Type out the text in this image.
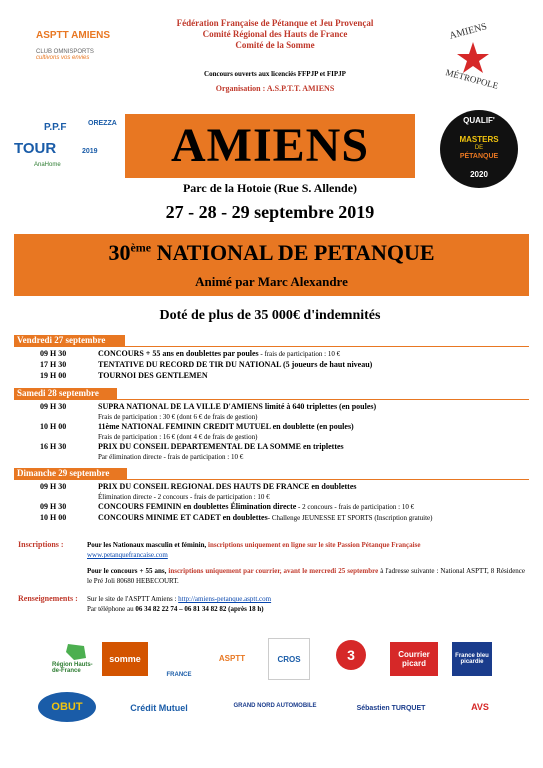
Fédération Française de Pétanque et Jeu Provençal
Comité Régional des Hauts de France
Comité de la Somme
Concours ouverts aux licenciés FFPJP et FIPJP
Organisation : A.S.P.T.T. AMIENS
ASPTT AMIENS
CLUB OMNISPORTS
cultivons vos envies
AMIENS
MÉTROPOLE
P.P.F	OREZZA
TOUR	2019
AnaHome	AMIENS	QUALIF'
MASTERS
DE
PÉTANQUE
2020
Parc de la Hotoie (Rue S. Allende)
27 - 28 - 29 septembre 2019
30ème NATIONAL DE PETANQUE
Animé par Marc Alexandre
Doté de plus de 35 000€ d'indemnités
Vendredi 27 septembre
09 H 30	CONCOURS + 55 ans en doublettes par poules - frais de participation : 10 €
17 H 30	TENTATIVE DU RECORD DE TIR DU NATIONAL (5 joueurs de haut niveau)
19 H 00	TOURNOI DES GENTLEMEN
Samedi 28 septembre
09 H 30	SUPRA NATIONAL DE LA VILLE D'AMIENS limité à 640 triplettes (en poules)
Frais de participation : 30 € (dont 6 € de frais de gestion)
10 H 00	11ème NATIONAL FEMININ CREDIT MUTUEL en doublette (en poules)
Frais de participation : 16 € (dont 4 € de frais de gestion)
16 H 30	PRIX DU CONSEIL DEPARTEMENTAL DE LA SOMME en triplettes
Par élimination directe - frais de participation : 10 €
Dimanche 29 septembre
09 H 30	PRIX DU CONSEIL REGIONAL DES HAUTS DE FRANCE en doublettes
Élimination directe - 2 concours - frais de participation : 10 €
09 H 30	CONCOURS FEMININ en doublettes Élimination directe - 2 concours - frais de participation : 10 €
10 H 00	CONCOURS MINIME ET CADET en doublettes- Challenge JEUNESSE ET SPORTS (Inscription gratuite)
Inscriptions :	Pour les Nationaux masculin et féminin, inscriptions uniquement en ligne sur le site Passion Pétanque Française
www.petanquefrancaise.com
Pour le concours + 55 ans, inscriptions uniquement par courrier, avant le mercredi 25 septembre à l'adresse suivante : National ASPTT, 8 Résidence le Pré Joli 80680 HEBECOURT.
Renseignements : Sur le site de l'ASPTT Amiens : http://amiens-petanque.asptt.com
Par téléphone au 06 34 82 22 74 – 06 81 34 82 82 (après 18 h)
Région Hauts-de-France
somme
FRANCE
ASPTT	CROS	3	Courrier picard
France bleu picardie
OBUT	Crédit Mutuel	GRAND NORD AUTOMOBILE	Sébastien TURQUET	AVS
